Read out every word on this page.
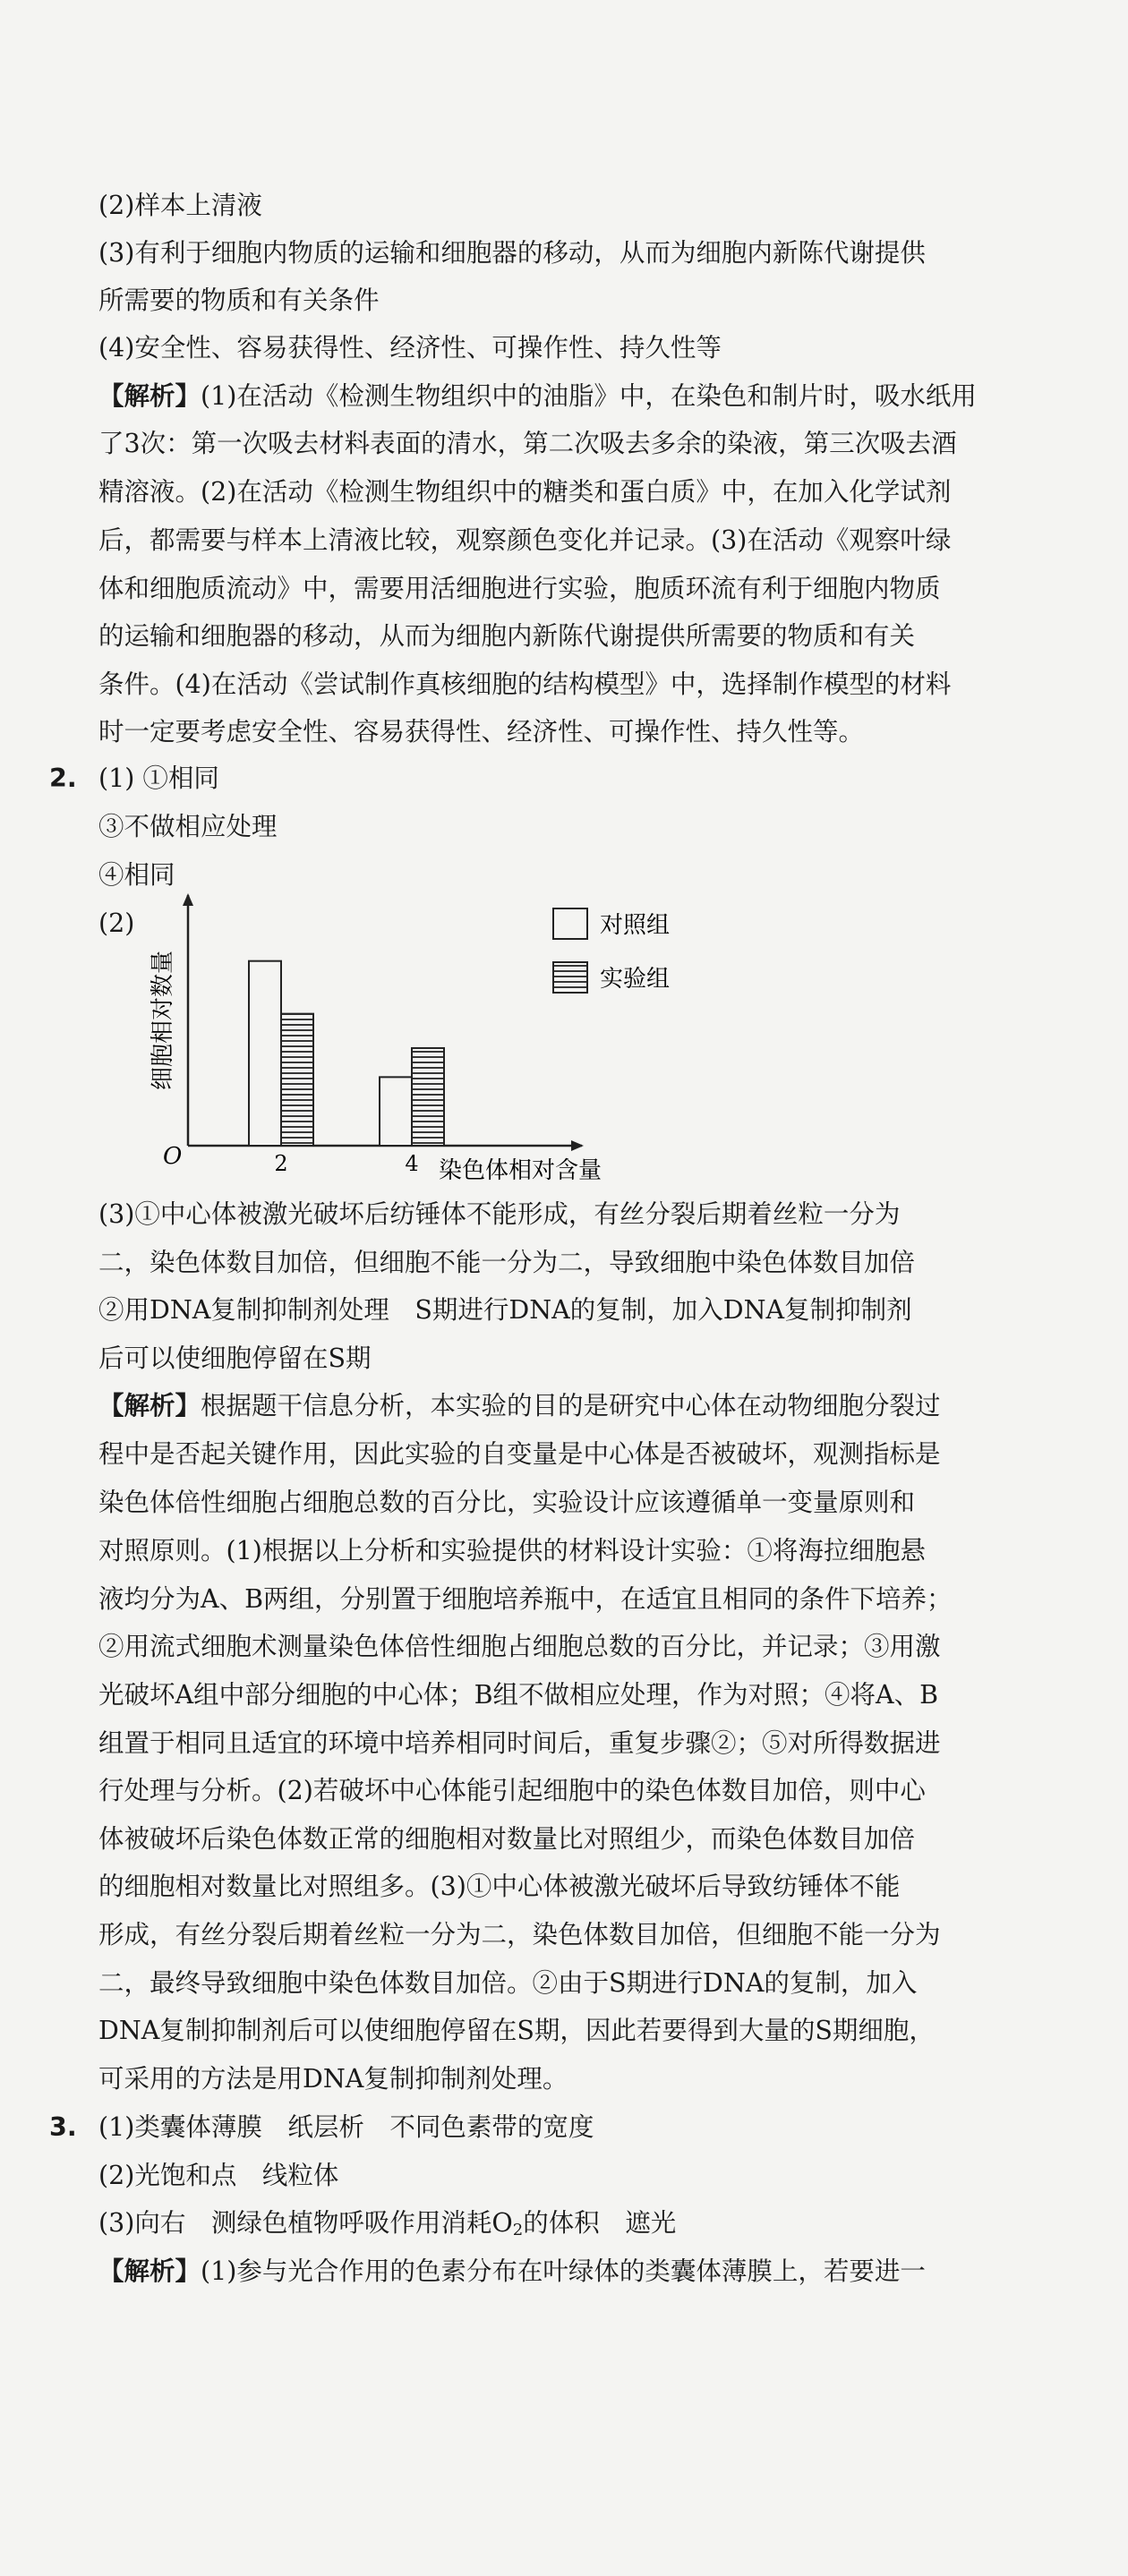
(2)样本上清液
(3)有利于细胞内物质的运输和细胞器的移动，从而为细胞内新陈代谢提供
所需要的物质和有关条件
(4)安全性、容易获得性、经济性、可操作性、持久性等
【解析】(1)在活动《检测生物组织中的油脂》中，在染色和制片时，吸水纸用
了3次：第一次吸去材料表面的清水，第二次吸去多余的染液，第三次吸去酒
精溶液。(2)在活动《检测生物组织中的糖类和蛋白质》中，在加入化学试剂
后，都需要与样本上清液比较，观察颜色变化并记录。(3)在活动《观察叶绿
体和细胞质流动》中，需要用活细胞进行实验，胞质环流有利于细胞内物质
的运输和细胞器的移动，从而为细胞内新陈代谢提供所需要的物质和有关
条件。(4)在活动《尝试制作真核细胞的结构模型》中，选择制作模型的材料
时一定要考虑安全性、容易获得性、经济性、可操作性、持久性等。
2. (1) ①相同
③不做相应处理
④相同
(2)
O
细胞相对数量
染色体相对含量
2	4
对照组
实验组
(3)①中心体被激光破坏后纺锤体不能形成，有丝分裂后期着丝粒一分为
二，染色体数目加倍，但细胞不能一分为二，导致细胞中染色体数目加倍
②用DNA复制抑制剂处理　S期进行DNA的复制，加入DNA复制抑制剂
后可以使细胞停留在S期
【解析】根据题干信息分析，本实验的目的是研究中心体在动物细胞分裂过
程中是否起关键作用，因此实验的自变量是中心体是否被破坏，观测指标是
染色体倍性细胞占细胞总数的百分比，实验设计应该遵循单一变量原则和
对照原则。(1)根据以上分析和实验提供的材料设计实验：①将海拉细胞悬
液均分为A、B两组，分别置于细胞培养瓶中，在适宜且相同的条件下培养；
②用流式细胞术测量染色体倍性细胞占细胞总数的百分比，并记录；③用激
光破坏A组中部分细胞的中心体；B组不做相应处理，作为对照；④将A、B
组置于相同且适宜的环境中培养相同时间后，重复步骤②；⑤对所得数据进
行处理与分析。(2)若破坏中心体能引起细胞中的染色体数目加倍，则中心
体被破坏后染色体数正常的细胞相对数量比对照组少，而染色体数目加倍
的细胞相对数量比对照组多。(3)①中心体被激光破坏后导致纺锤体不能
形成，有丝分裂后期着丝粒一分为二，染色体数目加倍，但细胞不能一分为
二，最终导致细胞中染色体数目加倍。②由于S期进行DNA的复制，加入
DNA复制抑制剂后可以使细胞停留在S期，因此若要得到大量的S期细胞，
可采用的方法是用DNA复制抑制剂处理。
3. (1)类囊体薄膜　纸层析　不同色素带的宽度
(2)光饱和点　线粒体
(3)向右　测绿色植物呼吸作用消耗$O_2$的体积　遮光
【解析】(1)参与光合作用的色素分布在叶绿体的类囊体薄膜上，若要进一
